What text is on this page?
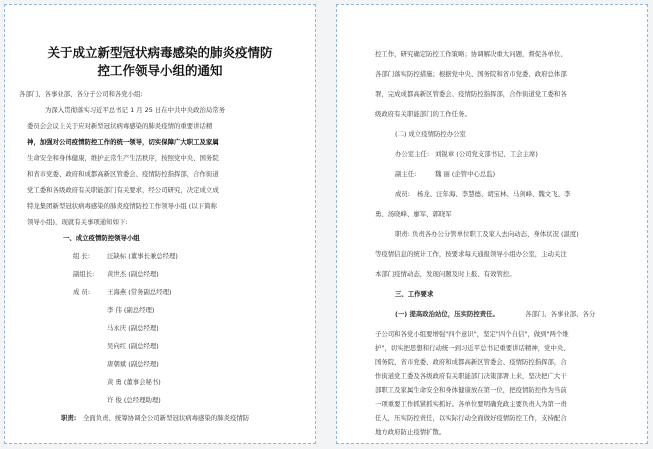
关于成立新型冠状病毒感染的肺炎疫情防
控工作领导小组的通知
各部门、各事业部、各分子公司和各党小组:
为深入贯彻落实习近平总书记 1 月 25 日在中共中央政治局常务
委员会会议上关于应对新型冠状病毒感染的肺炎疫情的重要讲话精
神，加强对公司疫情防控工作的统一领导，切实保障广大职工及家属
生命安全和身体健康，维护正常生产生活秩序，按照党中央、国务院
和省市党委、政府和成都高新区管委会、疫情防控指挥部，合作街道
党工委和各级政府有关职能部门有关要求，经公司研究，决定成立成
特龙集团新型冠状病毒感染的肺炎疫情防控工作领导小组 (以下简称
领导小组)，现就有关事项通知如下:
一、成立疫情防控领导小组
组 长:	汪缺标 (董事长兼总经理)
副组长: 黄世杰 (副总经理)
成 员:	王海燕 (常务副总经理)
李 伟 (副总经理)
马永庆 (副总经理)
吴向红 (副总经理)
唐朝斌 (副总经理)
黄 勇 (董事会秘书)
许 俊 (总经理助理)
职责: 全面负责、统筹协调全公司新型冠状病毒感染的肺炎疫情防
控工作，研究确定防控工作策略；协调解决重大问题，督促各单位、
各部门落实防控措施；根据党中央、国务院和省市党委、政府总体部
署，完成成都高新区管委会、疫情防控指挥部，合作街道党工委和各
级政府有关职能部门的工作任务。
(二) 成立疫情防控办公室
办公室主任: 刘锐章 (公司党支部书记、工会主席)
副主任:	魏 丽 (企管中心总监)
成员: 杨龙、汪年海、李慧德、胡宝林、马剑峰、魏文飞、李
勇、汤晓峰、廖军、郭晓军
职责: 负责各办公分管单位职工及家人去向动态、身体状况 (温度)
等疫情信息的统计工作，按要求每天通报领导小组办公室，主动关注
本部门疫情动态，发现问题及时上报、有效管控。
三、工作要求
(一) 提高政治站位，压实防控责任。	各部门、各事业部、各分
子公司和各党小组要增强"四个意识"，坚定"四个自信"，做到"两个维
护"，切实把思想和行动统一到习近平总书记重要讲话精神，党中央、
国务院，省市党委、政府和成都高新区管委会、疫情防控指挥部，合
作街道党工委及各级政府有关职能部门决策部署上来，坚决把广大干
部职工及家属生命安全和身体健康放在第一位，把疫情防控作为当前
一项重要工作抓紧抓实抓好。各单位要明确党政主要负责人为第一责
任人，压实防控责任，以实际行动全面做好疫情防控工作，支持配合
地方政府防止疫情扩散。
